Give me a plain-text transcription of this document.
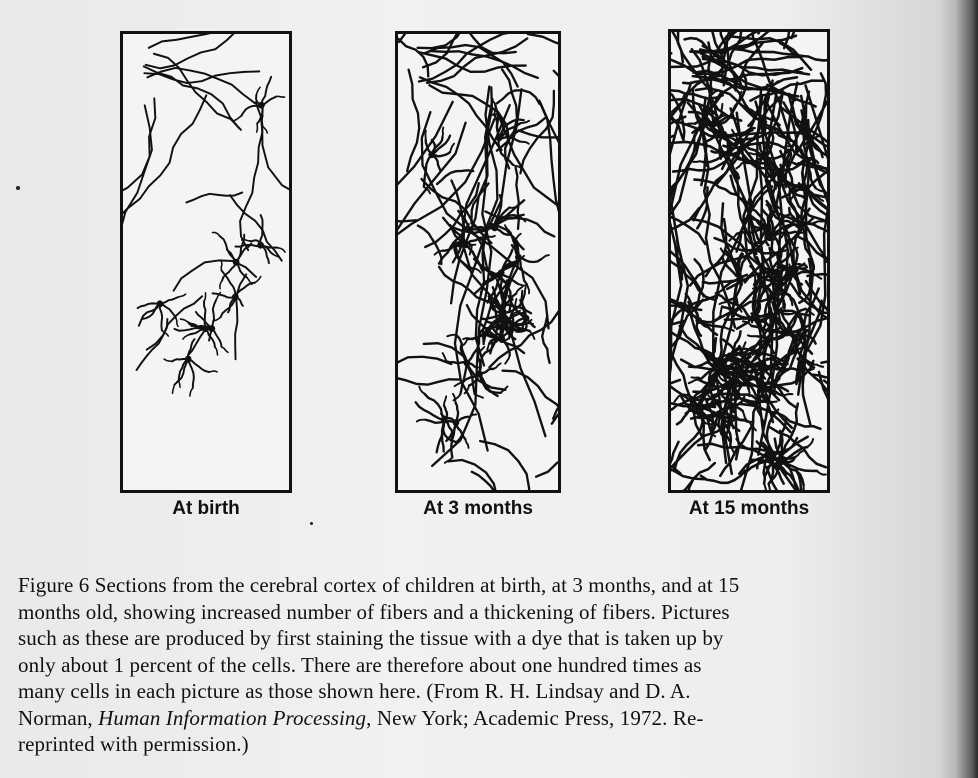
At birth	At 3 months	At 15 months
Figure 6 Sections from the cerebral cortex of children at birth, at 3 months, and at 15
months old, showing increased number of fibers and a thickening of fibers. Pictures
such as these are produced by first staining the tissue with a dye that is taken up by
only about 1 percent of the cells. There are therefore about one hundred times as
many cells in each picture as those shown here. (From R. H. Lindsay and D. A.
Norman, Human Information Processing, New York; Academic Press, 1972. Re-
reprinted with permission.)
